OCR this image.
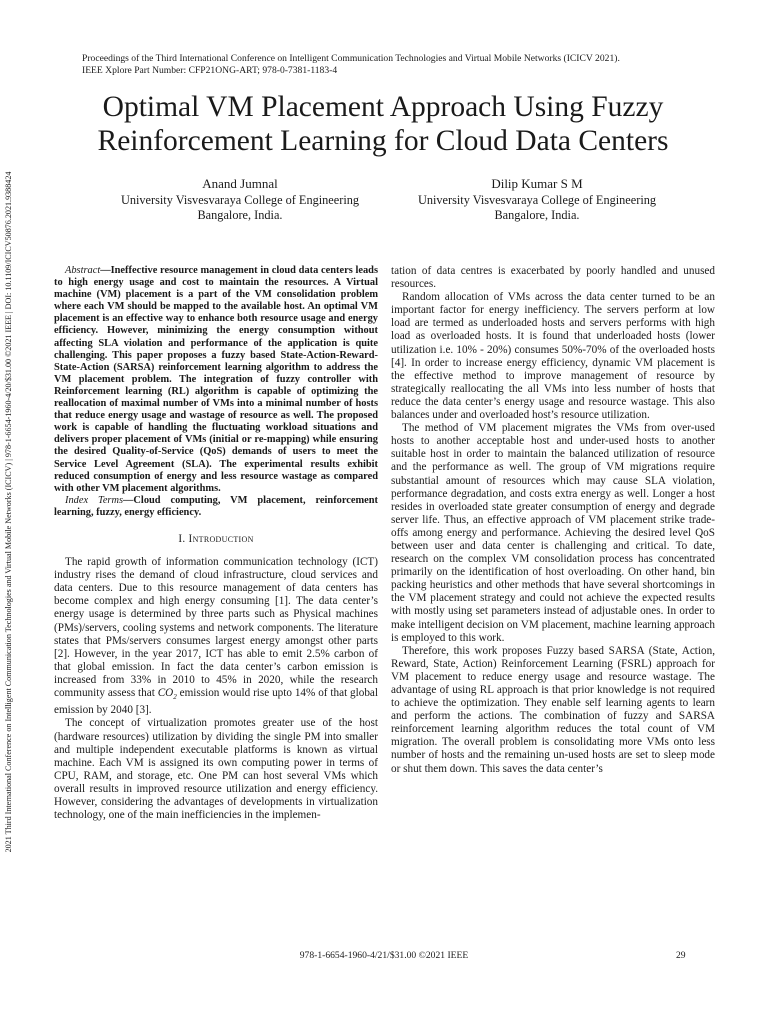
2021 Third International Conference on Intelligent Communication Technologies and Virtual Mobile Networks (ICICV) | 978-1-6654-1960-4/20/$31.00 ©2021 IEEE | DOI: 10.1109/ICICV50876.2021.9388424
Proceedings of the Third International Conference on Intelligent Communication Technologies and Virtual Mobile Networks (ICICV 2021).
IEEE Xplore Part Number: CFP21ONG-ART; 978-0-7381-1183-4
Optimal VM Placement Approach Using Fuzzy
Reinforcement Learning for Cloud Data Centers
Anand Jumnal
University Visvesvaraya College of Engineering
Bangalore, India.
Dilip Kumar S M
University Visvesvaraya College of Engineering
Bangalore, India.

Abstract—Ineffective resource management in cloud data centers leads to high energy usage and cost to maintain the resources. A Virtual machine (VM) placement is a part of the VM consolidation problem where each VM should be mapped to the available host. An optimal VM placement is an effective way to enhance both resource usage and energy efficiency. However, minimizing the energy consumption without affecting SLA violation and performance of the application is quite challenging. This paper proposes a fuzzy based State-Action-Reward-State-Action (SARSA) reinforcement learning algorithm to address the VM placement problem. The integration of fuzzy controller with Reinforcement learning (RL) algorithm is capable of optimizing the reallocation of maximal number of VMs into a minimal number of hosts that reduce energy usage and wastage of resource as well. The proposed work is capable of handling the fluctuating workload situations and delivers proper placement of VMs (initial or re-mapping) while ensuring the desired Quality-of-Service (QoS) demands of users to meet the Service Level Agreement (SLA). The experimental results exhibit reduced consumption of energy and less resource wastage as compared with other VM placement algorithms.

Index Terms—Cloud computing, VM placement, reinforcement learning, fuzzy, energy efficiency.

I. Introduction

The rapid growth of information communication technology (ICT) industry rises the demand of cloud infrastructure, cloud services and data centers. Due to this resource management of data centers has become complex and high energy consuming [1]. The data center’s energy usage is determined by three parts such as Physical machines (PMs)/servers, cooling systems and network components. The literature states that PMs/servers consumes largest energy amongst other parts [2]. However, in the year 2017, ICT has able to emit 2.5% carbon of that global emission. In fact the data center’s carbon emission is increased from 33% in 2010 to 45% in 2020, while the research community assess that $CO_2$ emission would rise upto 14% of that global emission by 2040 [3].

The concept of virtualization promotes greater use of the host (hardware resources) utilization by dividing the single PM into smaller and multiple independent executable platforms is known as virtual machine. Each VM is assigned its own computing power in terms of CPU, RAM, and storage, etc. One PM can host several VMs which overall results in improved resource utilization and energy efficiency. However, considering the advantages of developments in virtualization technology, one of the main inefficiencies in the implemen-

tation of data centres is exacerbated by poorly handled and unused resources.

Random allocation of VMs across the data center turned to be an important factor for energy inefficiency. The servers perform at low load are termed as underloaded hosts and servers performs with high load as overloaded hosts. It is found that underloaded hosts (lower utilization i.e. 10% - 20%) consumes 50%-70% of the overloaded hosts [4]. In order to increase energy efficiency, dynamic VM placement is the effective method to improve management of resource by strategically reallocating the all VMs into less number of hosts that reduce the data center’s energy usage and resource wastage. This also balances under and overloaded host’s resource utilization.

The method of VM placement migrates the VMs from over-used hosts to another acceptable host and under-used hosts to another suitable host in order to maintain the balanced utilization of resource and the performance as well. The group of VM migrations require substantial amount of resources which may cause SLA violation, performance degradation, and costs extra energy as well. Longer a host resides in overloaded state greater consumption of energy and degrade server life. Thus, an effective approach of VM placement strike trade-offs among energy and performance. Achieving the desired level QoS between user and data center is challenging and critical. To date, research on the complex VM consolidation process has concentrated primarily on the identification of host overloading. On other hand, bin packing heuristics and other methods that have several shortcomings in the VM placement strategy and could not achieve the expected results with mostly using set parameters instead of adjustable ones. In order to make intelligent decision on VM placement, machine learning approach is employed to this work.

Therefore, this work proposes Fuzzy based SARSA (State, Action, Reward, State, Action) Reinforcement Learning (FSRL) approach for VM placement to reduce energy usage and resource wastage. The advantage of using RL approach is that prior knowledge is not required to achieve the optimization. They enable self learning agents to learn and perform the actions. The combination of fuzzy and SARSA reinforcement learning algorithm reduces the total count of VM migration. The overall problem is consolidating more VMs onto less number of hosts and the remaining un-used hosts are set to sleep mode or shut them down. This saves the data center’s

978-1-6654-1960-4/21/$31.00 ©2021 IEEE	29
